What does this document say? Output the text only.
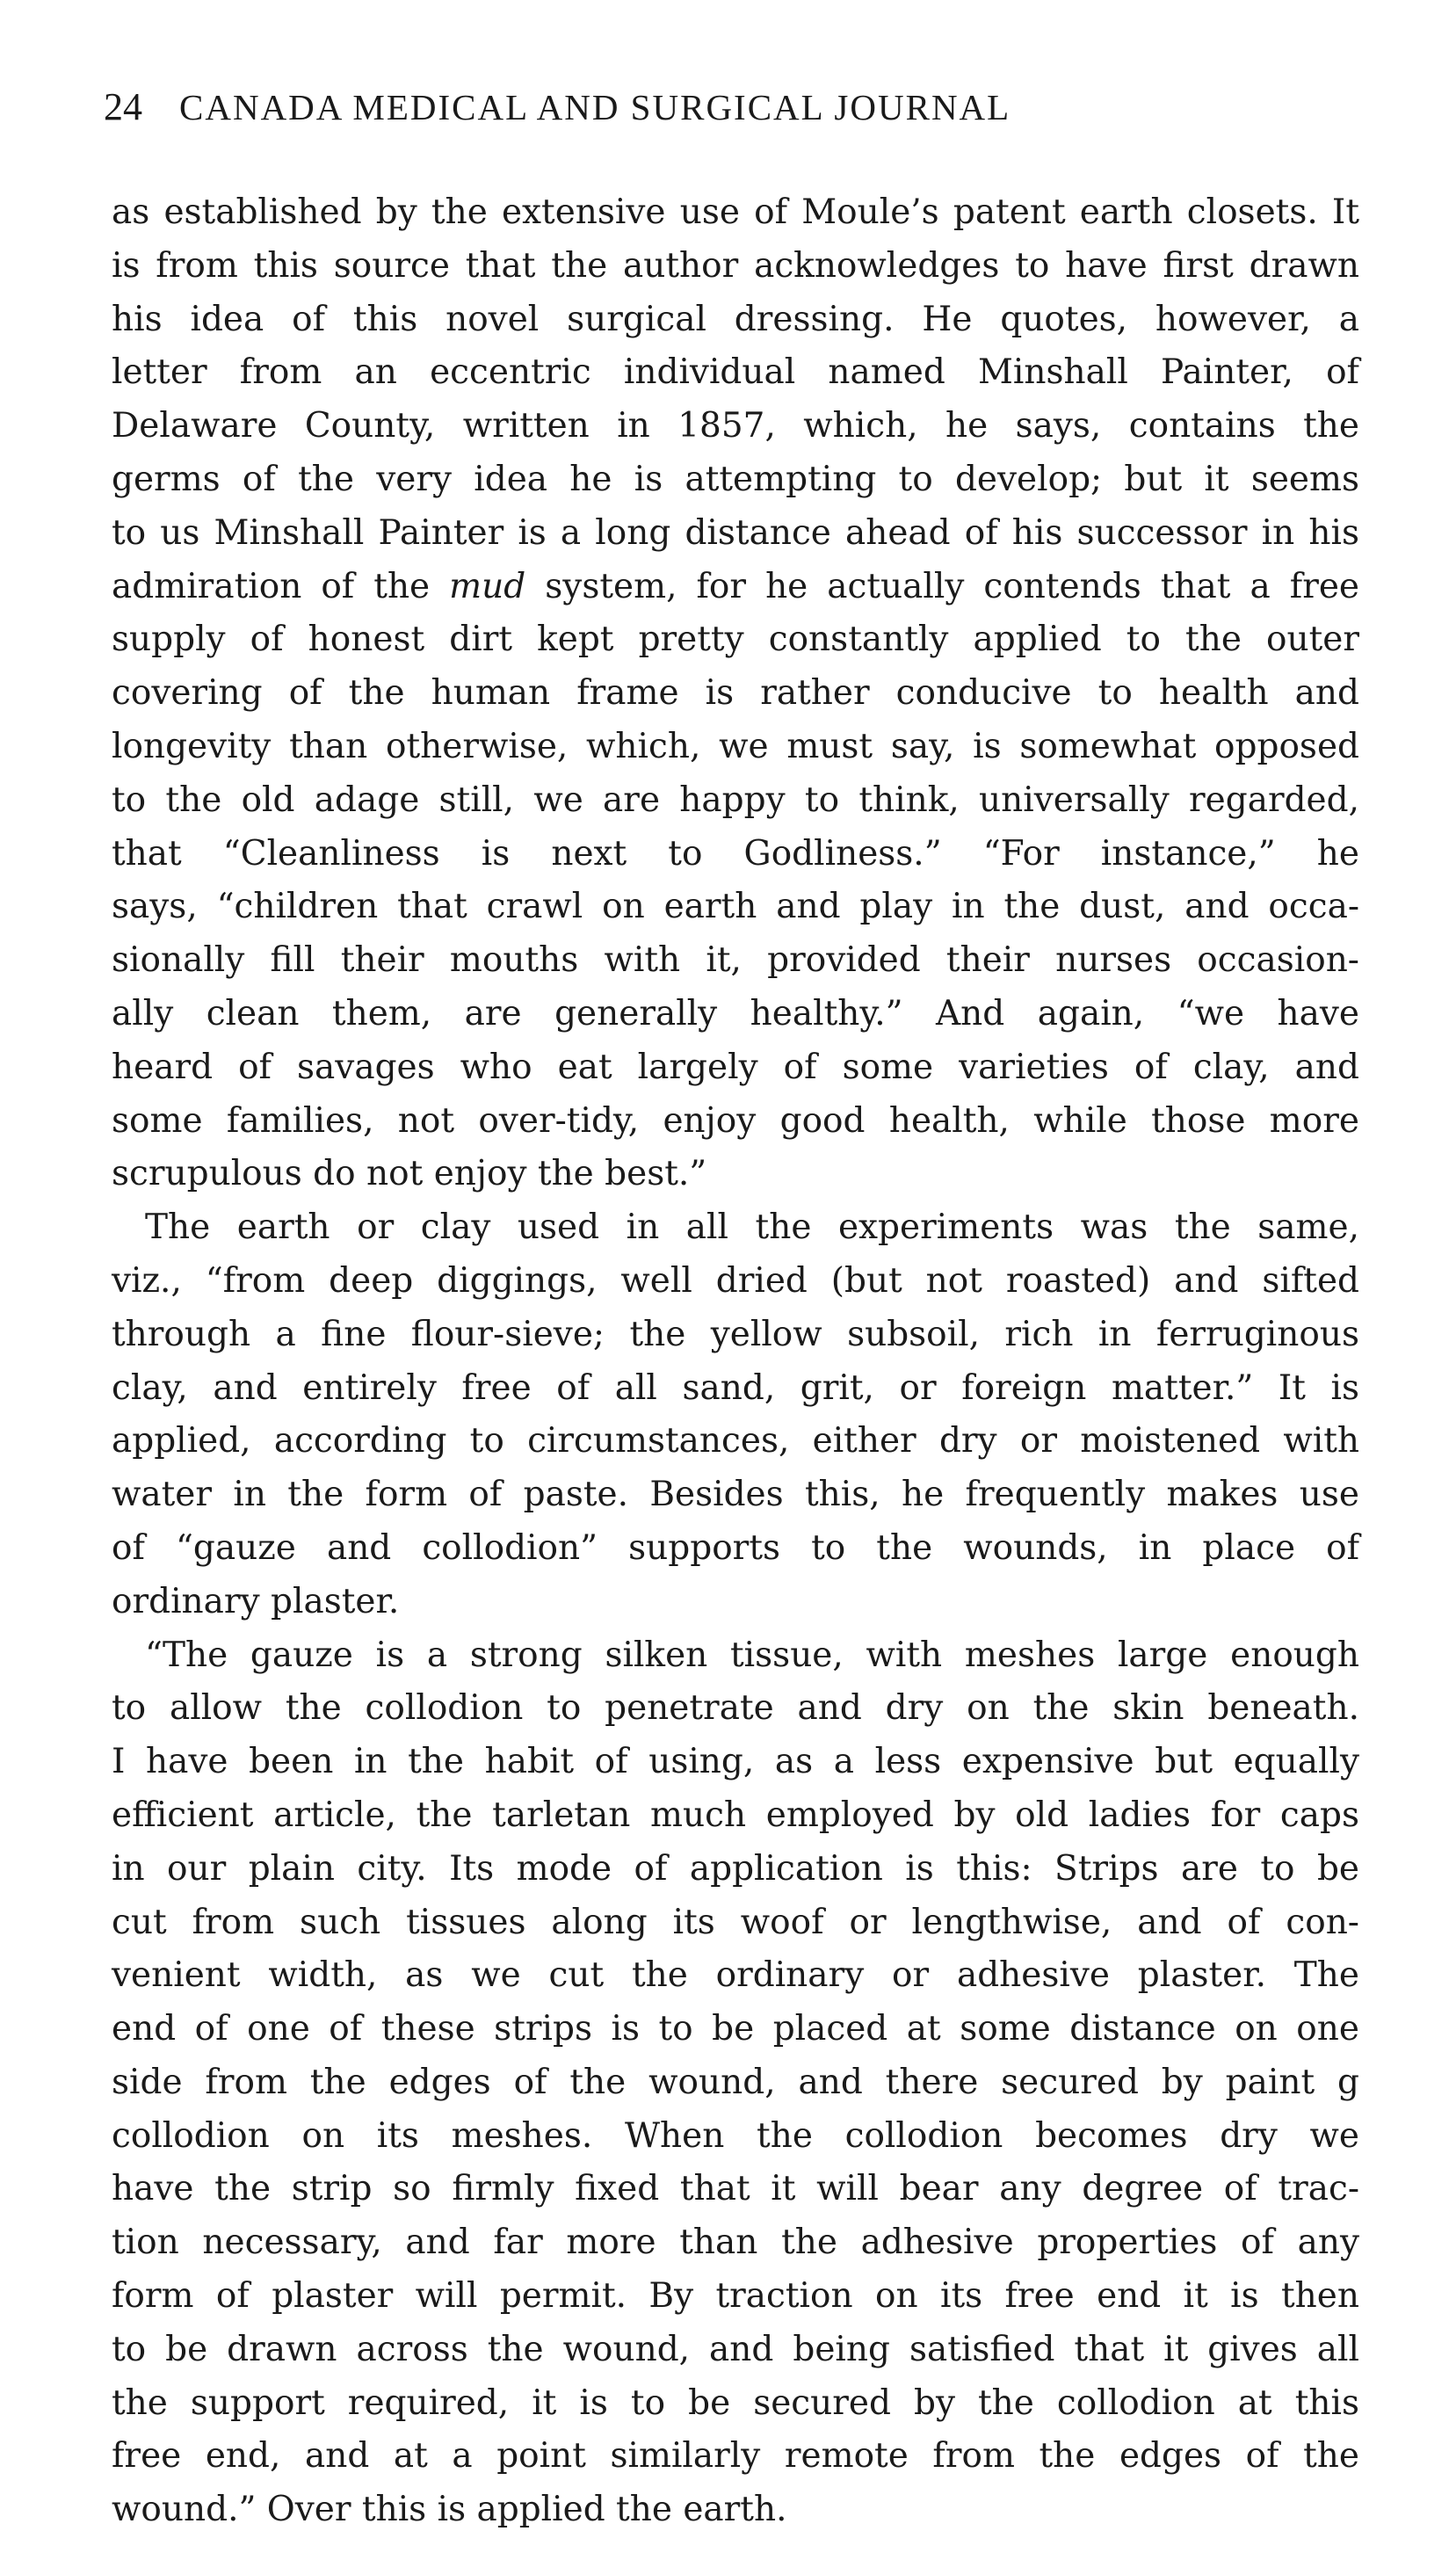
24 CANADA MEDICAL AND SURGICAL JOURNAL
as established by the extensive use of Moule’s patent earth closets. It
is from this source that the author acknowledges to have first drawn
his idea of this novel surgical dressing. He quotes, however, a
letter from an eccentric individual named Minshall Painter, of
Delaware County, written in 1857, which, he says, contains the
germs of the very idea he is attempting to develop; but it seems
to us Minshall Painter is a long distance ahead of his successor in his
admiration of the mud system, for he actually contends that a free
supply of honest dirt kept pretty constantly applied to the outer
covering of the human frame is rather conducive to health and
longevity than otherwise, which, we must say, is somewhat opposed
to the old adage still, we are happy to think, universally regarded,
that “Cleanliness is next to Godliness.” “For instance,” he
says, “children that crawl on earth and play in the dust, and occa-
sionally fill their mouths with it, provided their nurses occasion-
ally clean them, are generally healthy.” And again, “we have
heard of savages who eat largely of some varieties of clay, and
some families, not over-tidy, enjoy good health, while those more
scrupulous do not enjoy the best.”
The earth or clay used in all the experiments was the same,
viz., “from deep diggings, well dried (but not roasted) and sifted
through a fine flour-sieve; the yellow subsoil, rich in ferruginous
clay, and entirely free of all sand, grit, or foreign matter.” It is
applied, according to circumstances, either dry or moistened with
water in the form of paste. Besides this, he frequently makes use
of “gauze and collodion” supports to the wounds, in place of
ordinary plaster.
“The gauze is a strong silken tissue, with meshes large enough
to allow the collodion to penetrate and dry on the skin beneath.
I have been in the habit of using, as a less expensive but equally
efficient article, the tarletan much employed by old ladies for caps
in our plain city. Its mode of application is this: Strips are to be
cut from such tissues along its woof or lengthwise, and of con-
venient width, as we cut the ordinary or adhesive plaster. The
end of one of these strips is to be placed at some distance on one
side from the edges of the wound, and there secured by paint g
collodion on its meshes. When the collodion becomes dry we
have the strip so firmly fixed that it will bear any degree of trac-
tion necessary, and far more than the adhesive properties of any
form of plaster will permit. By traction on its free end it is then
to be drawn across the wound, and being satisfied that it gives all
the support required, it is to be secured by the collodion at this
free end, and at a point similarly remote from the edges of the
wound.” Over this is applied the earth.
